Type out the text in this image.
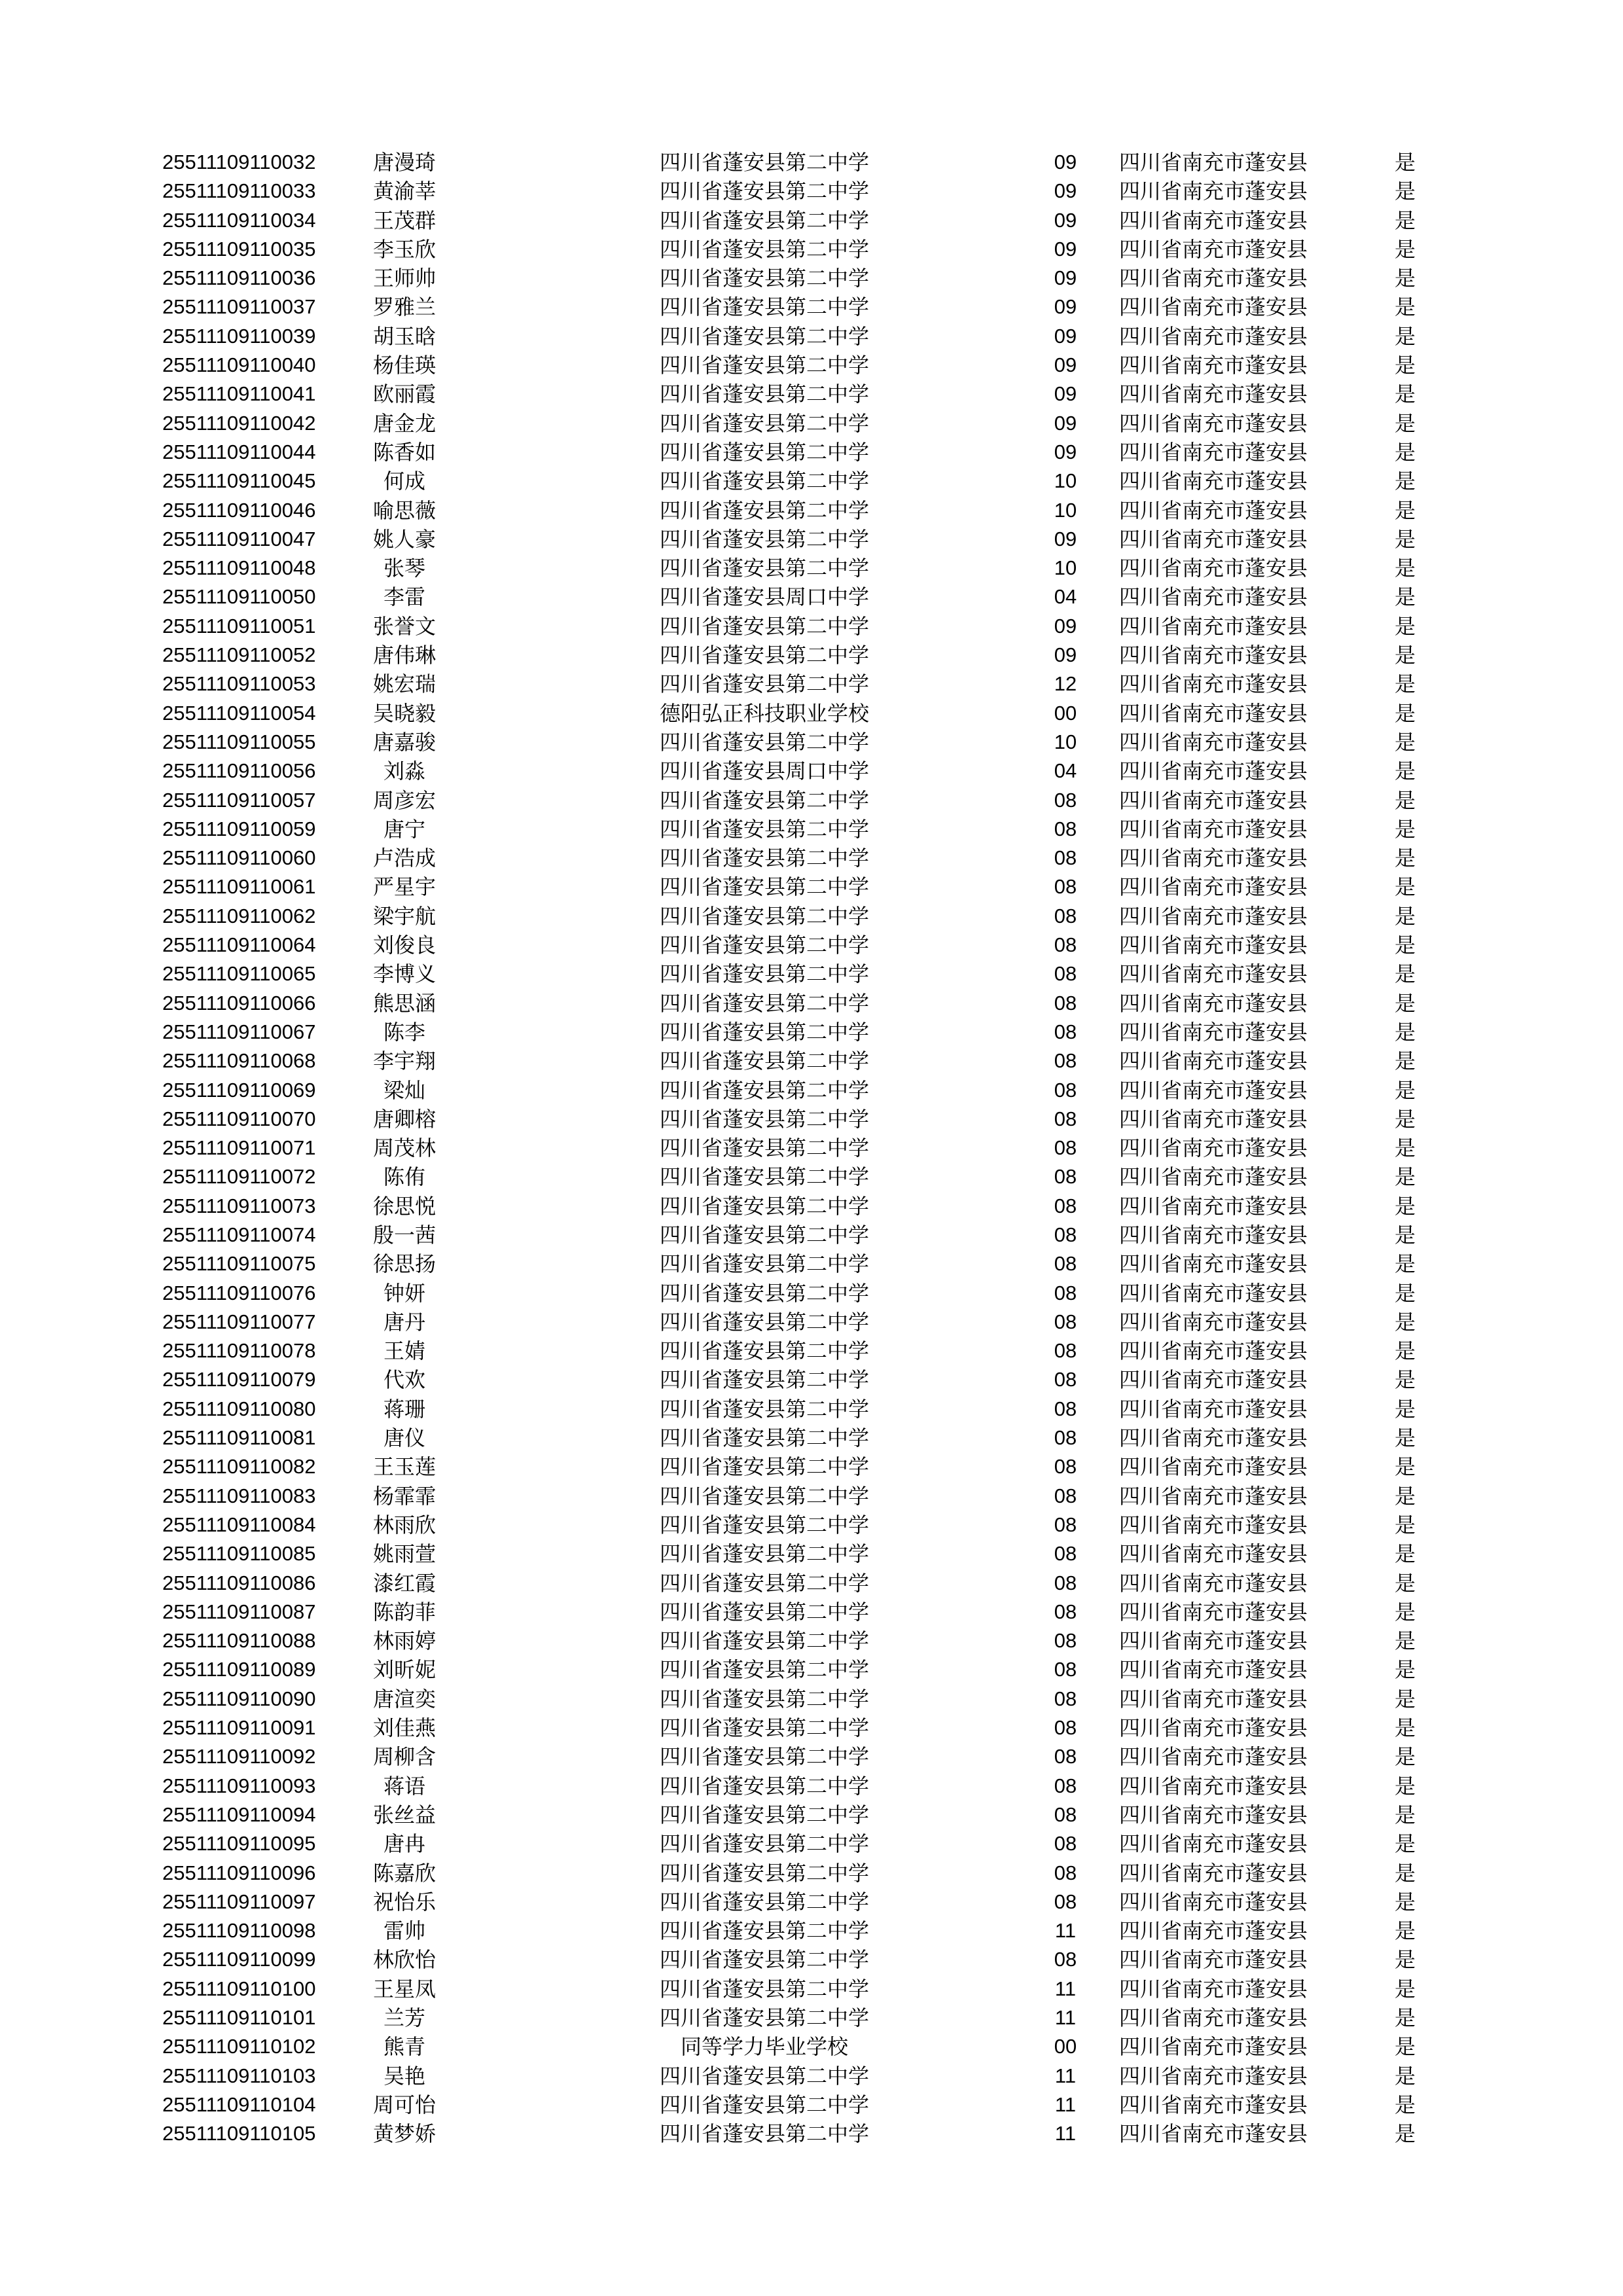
25511109110032	唐漫琦	四川省蓬安县第二中学	09	四川省南充市蓬安县	是
25511109110033	黄渝莘	四川省蓬安县第二中学	09	四川省南充市蓬安县	是
25511109110034	王茂群	四川省蓬安县第二中学	09	四川省南充市蓬安县	是
25511109110035	李玉欣	四川省蓬安县第二中学	09	四川省南充市蓬安县	是
25511109110036	王师帅	四川省蓬安县第二中学	09	四川省南充市蓬安县	是
25511109110037	罗雅兰	四川省蓬安县第二中学	09	四川省南充市蓬安县	是
25511109110039	胡玉晗	四川省蓬安县第二中学	09	四川省南充市蓬安县	是
25511109110040	杨佳瑛	四川省蓬安县第二中学	09	四川省南充市蓬安县	是
25511109110041	欧丽霞	四川省蓬安县第二中学	09	四川省南充市蓬安县	是
25511109110042	唐金龙	四川省蓬安县第二中学	09	四川省南充市蓬安县	是
25511109110044	陈香如	四川省蓬安县第二中学	09	四川省南充市蓬安县	是
25511109110045	何成	四川省蓬安县第二中学	10	四川省南充市蓬安县	是
25511109110046	喻思薇	四川省蓬安县第二中学	10	四川省南充市蓬安县	是
25511109110047	姚人豪	四川省蓬安县第二中学	09	四川省南充市蓬安县	是
25511109110048	张琴	四川省蓬安县第二中学	10	四川省南充市蓬安县	是
25511109110050	李雷	四川省蓬安县周口中学	04	四川省南充市蓬安县	是
25511109110051	张誉文	四川省蓬安县第二中学	09	四川省南充市蓬安县	是
25511109110052	唐伟琳	四川省蓬安县第二中学	09	四川省南充市蓬安县	是
25511109110053	姚宏瑞	四川省蓬安县第二中学	12	四川省南充市蓬安县	是
25511109110054	吴晓毅	德阳弘正科技职业学校	00	四川省南充市蓬安县	是
25511109110055	唐嘉骏	四川省蓬安县第二中学	10	四川省南充市蓬安县	是
25511109110056	刘淼	四川省蓬安县周口中学	04	四川省南充市蓬安县	是
25511109110057	周彦宏	四川省蓬安县第二中学	08	四川省南充市蓬安县	是
25511109110059	唐宁	四川省蓬安县第二中学	08	四川省南充市蓬安县	是
25511109110060	卢浩成	四川省蓬安县第二中学	08	四川省南充市蓬安县	是
25511109110061	严星宇	四川省蓬安县第二中学	08	四川省南充市蓬安县	是
25511109110062	梁宇航	四川省蓬安县第二中学	08	四川省南充市蓬安县	是
25511109110064	刘俊良	四川省蓬安县第二中学	08	四川省南充市蓬安县	是
25511109110065	李博义	四川省蓬安县第二中学	08	四川省南充市蓬安县	是
25511109110066	熊思涵	四川省蓬安县第二中学	08	四川省南充市蓬安县	是
25511109110067	陈李	四川省蓬安县第二中学	08	四川省南充市蓬安县	是
25511109110068	李宇翔	四川省蓬安县第二中学	08	四川省南充市蓬安县	是
25511109110069	梁灿	四川省蓬安县第二中学	08	四川省南充市蓬安县	是
25511109110070	唐卿榕	四川省蓬安县第二中学	08	四川省南充市蓬安县	是
25511109110071	周茂林	四川省蓬安县第二中学	08	四川省南充市蓬安县	是
25511109110072	陈侑	四川省蓬安县第二中学	08	四川省南充市蓬安县	是
25511109110073	徐思悦	四川省蓬安县第二中学	08	四川省南充市蓬安县	是
25511109110074	殷一茜	四川省蓬安县第二中学	08	四川省南充市蓬安县	是
25511109110075	徐思扬	四川省蓬安县第二中学	08	四川省南充市蓬安县	是
25511109110076	钟妍	四川省蓬安县第二中学	08	四川省南充市蓬安县	是
25511109110077	唐丹	四川省蓬安县第二中学	08	四川省南充市蓬安县	是
25511109110078	王婧	四川省蓬安县第二中学	08	四川省南充市蓬安县	是
25511109110079	代欢	四川省蓬安县第二中学	08	四川省南充市蓬安县	是
25511109110080	蒋珊	四川省蓬安县第二中学	08	四川省南充市蓬安县	是
25511109110081	唐仪	四川省蓬安县第二中学	08	四川省南充市蓬安县	是
25511109110082	王玉莲	四川省蓬安县第二中学	08	四川省南充市蓬安县	是
25511109110083	杨霏霏	四川省蓬安县第二中学	08	四川省南充市蓬安县	是
25511109110084	林雨欣	四川省蓬安县第二中学	08	四川省南充市蓬安县	是
25511109110085	姚雨萱	四川省蓬安县第二中学	08	四川省南充市蓬安县	是
25511109110086	漆红霞	四川省蓬安县第二中学	08	四川省南充市蓬安县	是
25511109110087	陈韵菲	四川省蓬安县第二中学	08	四川省南充市蓬安县	是
25511109110088	林雨婷	四川省蓬安县第二中学	08	四川省南充市蓬安县	是
25511109110089	刘昕妮	四川省蓬安县第二中学	08	四川省南充市蓬安县	是
25511109110090	唐渲奕	四川省蓬安县第二中学	08	四川省南充市蓬安县	是
25511109110091	刘佳燕	四川省蓬安县第二中学	08	四川省南充市蓬安县	是
25511109110092	周柳含	四川省蓬安县第二中学	08	四川省南充市蓬安县	是
25511109110093	蒋语	四川省蓬安县第二中学	08	四川省南充市蓬安县	是
25511109110094	张丝益	四川省蓬安县第二中学	08	四川省南充市蓬安县	是
25511109110095	唐冉	四川省蓬安县第二中学	08	四川省南充市蓬安县	是
25511109110096	陈嘉欣	四川省蓬安县第二中学	08	四川省南充市蓬安县	是
25511109110097	祝怡乐	四川省蓬安县第二中学	08	四川省南充市蓬安县	是
25511109110098	雷帅	四川省蓬安县第二中学	11	四川省南充市蓬安县	是
25511109110099	林欣怡	四川省蓬安县第二中学	08	四川省南充市蓬安县	是
25511109110100	王星凤	四川省蓬安县第二中学	11	四川省南充市蓬安县	是
25511109110101	兰芳	四川省蓬安县第二中学	11	四川省南充市蓬安县	是
25511109110102	熊青	同等学力毕业学校	00	四川省南充市蓬安县	是
25511109110103	吴艳	四川省蓬安县第二中学	11	四川省南充市蓬安县	是
25511109110104	周可怡	四川省蓬安县第二中学	11	四川省南充市蓬安县	是
25511109110105	黄梦娇	四川省蓬安县第二中学	11	四川省南充市蓬安县	是
